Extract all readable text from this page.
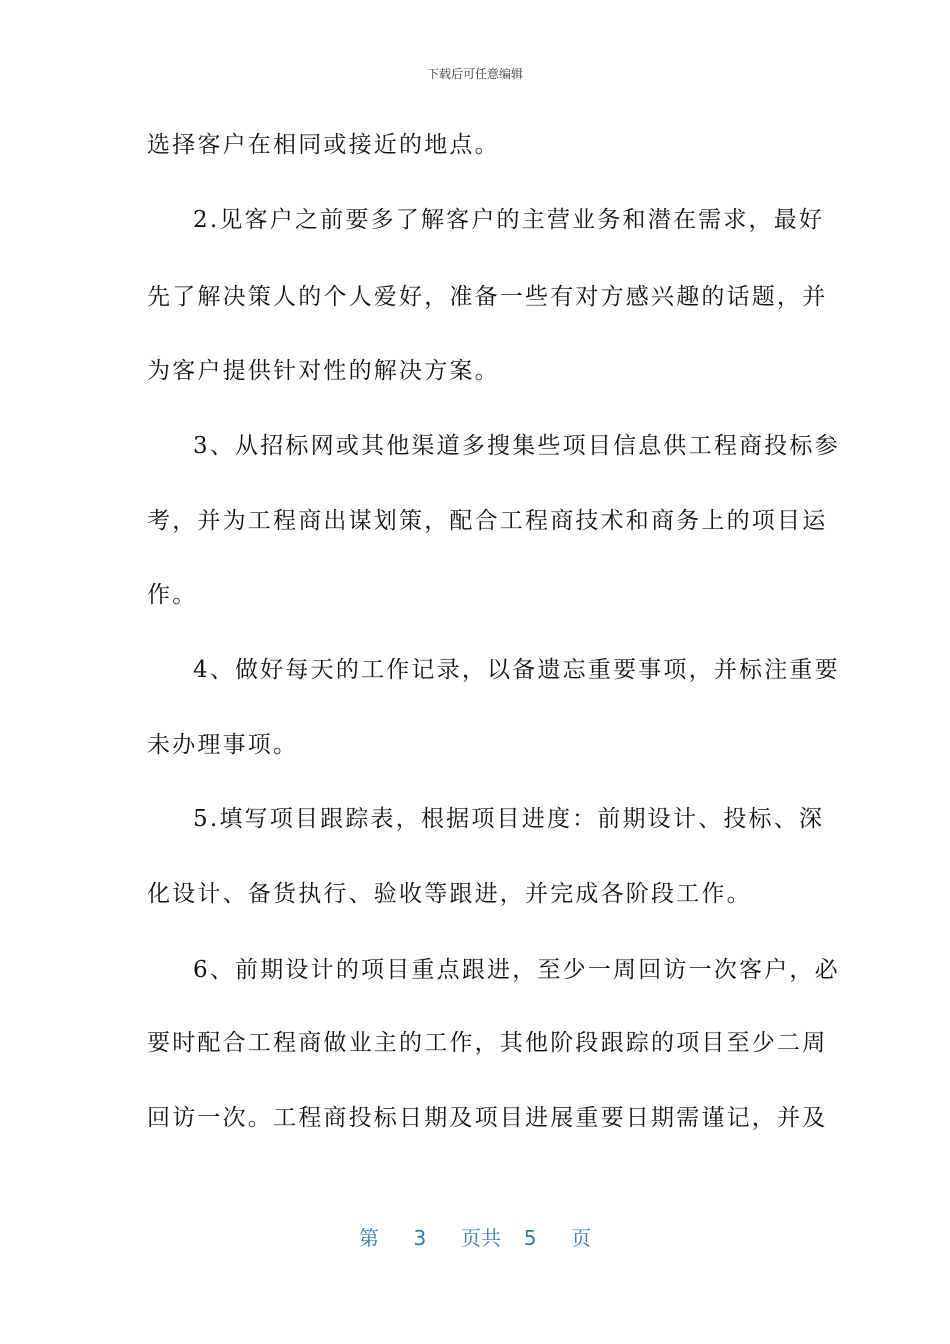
下载后可任意编辑
选择客户在相同或接近的地点。
2.见客户之前要多了解客户的主营业务和潜在需求，最好
先了解决策人的个人爱好，准备一些有对方感兴趣的话题，并
为客户提供针对性的解决方案。
3、从招标网或其他渠道多搜集些项目信息供工程商投标参
考，并为工程商出谋划策，配合工程商技术和商务上的项目运
作。
4、做好每天的工作记录，以备遗忘重要事项，并标注重要
未办理事项。
5.填写项目跟踪表，根据项目进度：前期设计、投标、深
化设计、备货执行、验收等跟进，并完成各阶段工作。
6、前期设计的项目重点跟进，至少一周回访一次客户，必
要时配合工程商做业主的工作，其他阶段跟踪的项目至少二周
回访一次。工程商投标日期及项目进展重要日期需谨记，并及
第 3 页共 5 页
